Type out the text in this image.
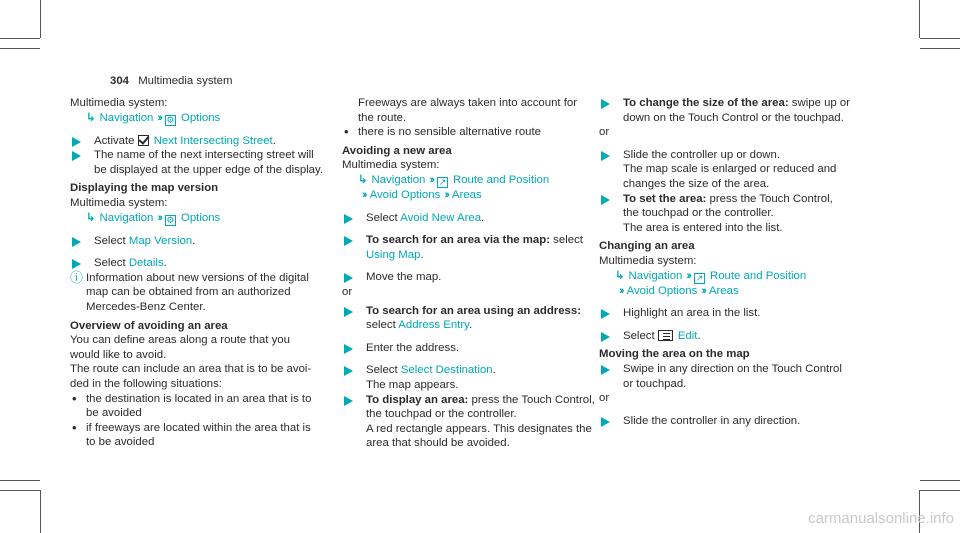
304 Multimedia system
Multimedia system:
↳ Navigation ›› ⚙ Options
Activate Next Intersecting Street.
The name of the next intersecting street will
be displayed at the upper edge of the display.
Displaying the map version
Multimedia system:
↳ Navigation ›› ⚙ Options
Select Map Version.
Select Details.
ⓘ Information about new versions of the digital
map can be obtained from an authorized
Mercedes-Benz Center.
Overview of avoiding an area
You can define areas along a route that you
would like to avoid.
The route can include an area that is to be avoi-
ded in the following situations:
• the destination is located in an area that is to
be avoided
• if freeways are located within the area that is
to be avoided
Freeways are always taken into account for
the route.
• there is no sensible alternative route
Avoiding a new area
Multimedia system:
↳ Navigation ›› ↗ Route and Position
›› Avoid Options ›› Areas
Select Avoid New Area.
To search for an area via the map: select
Using Map.
Move the map.
or
To search for an area using an address:
select Address Entry.
Enter the address.
Select Select Destination.
The map appears.
To display an area: press the Touch Control,
the touchpad or the controller.
A red rectangle appears. This designates the
area that should be avoided.
To change the size of the area: swipe up or
down on the Touch Control or the touchpad.
or
Slide the controller up or down.
The map scale is enlarged or reduced and
changes the size of the area.
To set the area: press the Touch Control,
the touchpad or the controller.
The area is entered into the list.
Changing an area
Multimedia system:
↳ Navigation ›› ↗ Route and Position
›› Avoid Options ›› Areas
Highlight an area in the list.
Select Edit.
Moving the area on the map
Swipe in any direction on the Touch Control
or touchpad.
or
Slide the controller in any direction.
carmanualsonline.info
